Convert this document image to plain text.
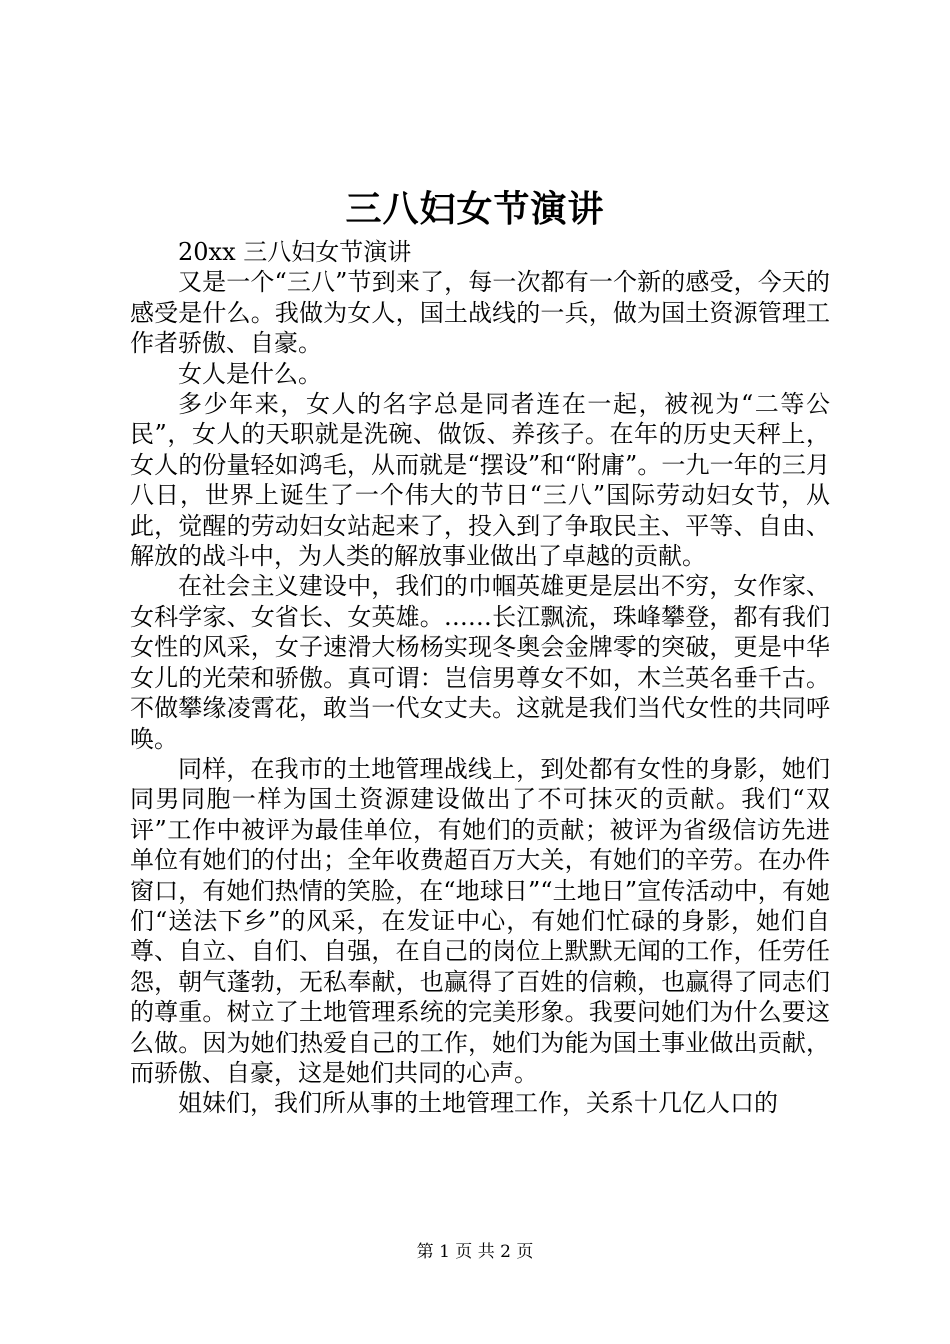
三八妇女节演讲

20xx 三八妇女节演讲

又是一个“三八”节到来了，每一次都有一个新的感受，今天的感受是什么。我做为女人，国土战线的一兵，做为国土资源管理工作者骄傲、自豪。

女人是什么。

多少年来，女人的名字总是同者连在一起，被视为“二等公民”，女人的天职就是洗碗、做饭、养孩子。在年的历史天秤上，女人的份量轻如鸿毛，从而就是“摆设”和“附庸”。一九一年的三月八日，世界上诞生了一个伟大的节日“三八”国际劳动妇女节，从此，觉醒的劳动妇女站起来了，投入到了争取民主、平等、自由、解放的战斗中，为人类的解放事业做出了卓越的贡献。

在社会主义建设中，我们的巾帼英雄更是层出不穷，女作家、女科学家、女省长、女英雄。……长江飘流，珠峰攀登，都有我们女性的风采，女子速滑大杨杨实现冬奥会金牌零的突破，更是中华女儿的光荣和骄傲。真可谓：岂信男尊女不如，木兰英名垂千古。不做攀缘凌霄花，敢当一代女丈夫。这就是我们当代女性的共同呼唤。

同样，在我市的土地管理战线上，到处都有女性的身影，她们同男同胞一样为国土资源建设做出了不可抹灭的贡献。我们“双评”工作中被评为最佳单位，有她们的贡献；被评为省级信访先进单位有她们的付出；全年收费超百万大关，有她们的辛劳。在办件窗口，有她们热情的笑脸，在“地球日”“土地日”宣传活动中，有她们“送法下乡”的风采，在发证中心，有她们忙碌的身影，她们自尊、自立、自们、自强，在自己的岗位上默默无闻的工作，任劳任怨，朝气蓬勃，无私奉献，也赢得了百姓的信赖，也赢得了同志们的尊重。树立了土地管理系统的完美形象。我要问她们为什么要这么做。因为她们热爱自己的工作，她们为能为国土事业做出贡献，而骄傲、自豪，这是她们共同的心声。

姐妹们，我们所从事的土地管理工作，关系十几亿人口的

第 1 页 共 2 页
